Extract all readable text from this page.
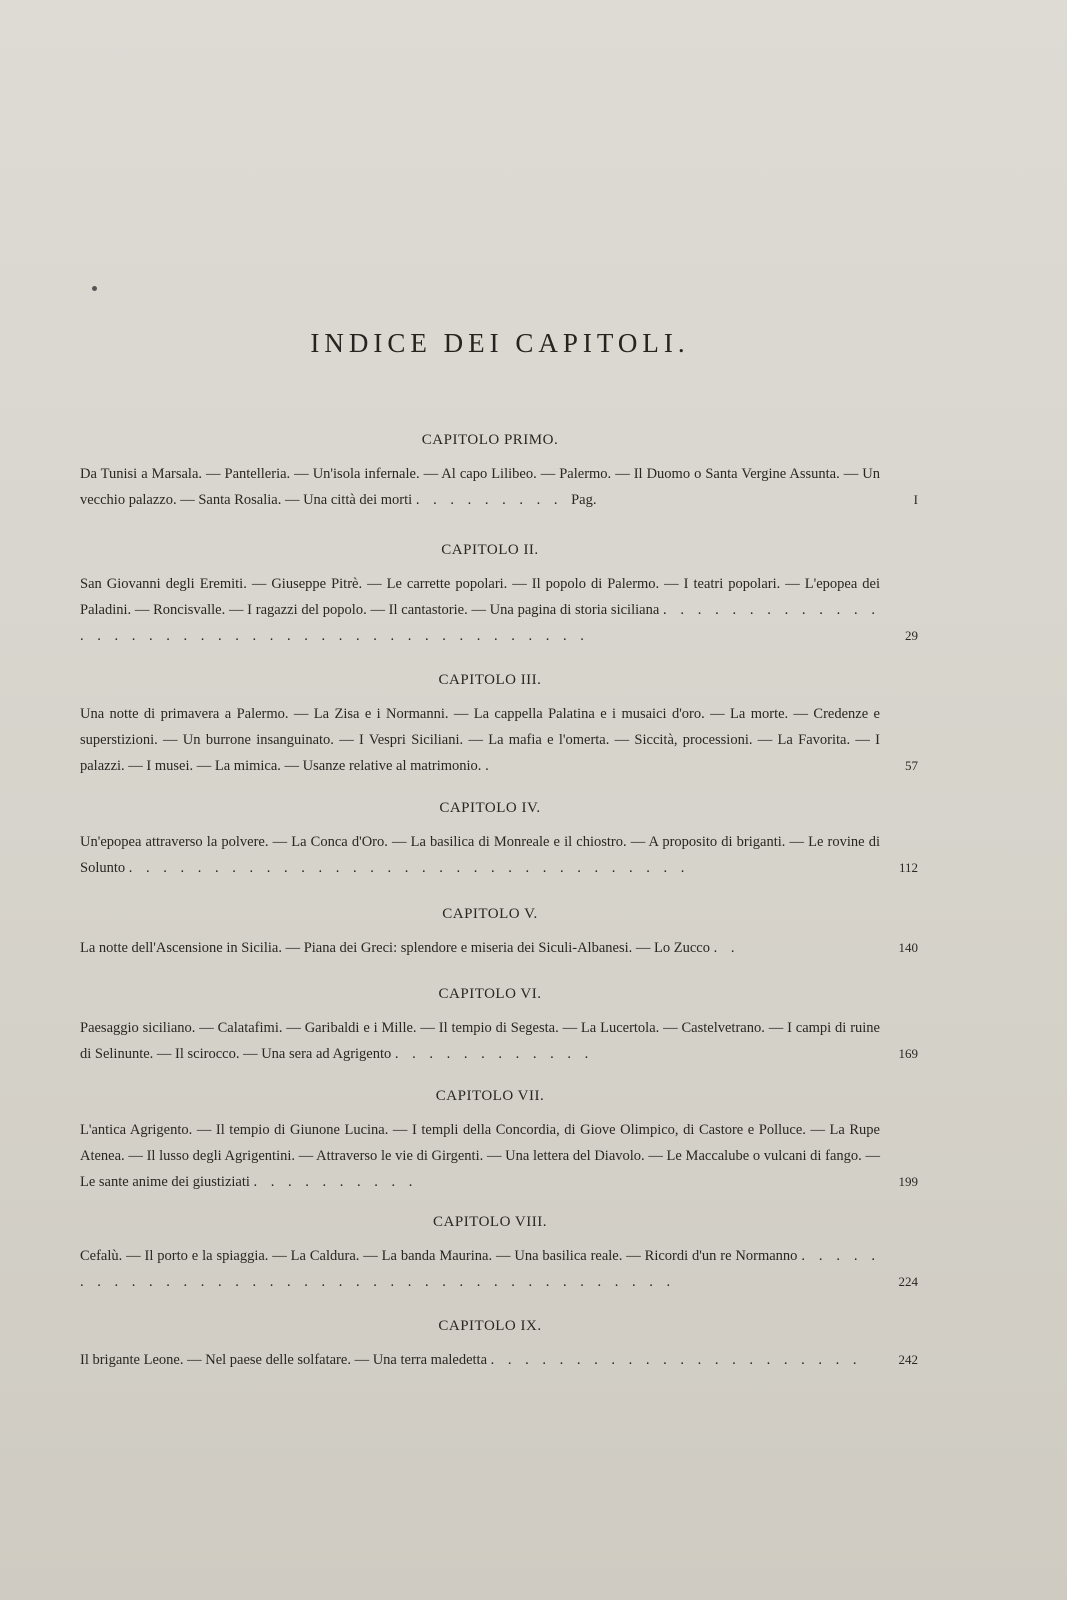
INDICE DEI CAPITOLI.
CAPITOLO PRIMO.
Da Tunisi a Marsala. — Pantelleria. — Un'isola infernale. — Al capo Lilibeo. — Palermo. — Il Duomo o Santa Vergine Assunta. — Un vecchio palazzo. — Santa Rosalia. — Una città dei morti . . . . . . . . . Pag.	I
CAPITOLO II.
San Giovanni degli Eremiti. — Giuseppe Pitrè. — Le carrette popolari. — Il popolo di Palermo. — I teatri popolari. — L'epopea dei Paladini. — Roncisvalle. — I ragazzi del popolo. — Il cantastorie. — Una pagina di storia siciliana . . . . . . . . . . . . . . . . . . . . . . . . . . . . . . . . . . . . . . . . . . .	29
CAPITOLO III.
Una notte di primavera a Palermo. — La Zisa e i Normanni. — La cappella Palatina e i musaici d'oro. — La morte. — Credenze e superstizioni. — Un burrone insanguinato. — I Vespri Siciliani. — La mafia e l'omerta. — Siccità, processioni. — La Favorita. — I palazzi. — I musei. — La mimica. — Usanze relative al matrimonio. .	57
CAPITOLO IV.
Un'epopea attraverso la polvere. — La Conca d'Oro. — La basilica di Monreale e il chiostro. — A proposito di briganti. — Le rovine di Solunto . . . . . . . . . . . . . . . . . . . . . . . . . . . . . . . . .	112
CAPITOLO V.
La notte dell'Ascensione in Sicilia. — Piana dei Greci: splendore e miseria dei Siculi-Albanesi. — Lo Zucco . .	140
CAPITOLO VI.
Paesaggio siciliano. — Calatafimi. — Garibaldi e i Mille. — Il tempio di Segesta. — La Lucertola. — Castelvetrano. — I campi di ruine di Selinunte. — Il scirocco. — Una sera ad Agrigento . . . . . . . . . . . .	169
CAPITOLO VII.
L'antica Agrigento. — Il tempio di Giunone Lucina. — I templi della Concordia, di Giove Olimpico, di Castore e Polluce. — La Rupe Atenea. — Il lusso degli Agrigentini. — Attraverso le vie di Girgenti. — Una lettera del Diavolo. — Le Maccalube o vulcani di fango. — Le sante anime dei giustiziati . . . . . . . . . .	199
CAPITOLO VIII.
Cefalù. — Il porto e la spiaggia. — La Caldura. — La banda Maurina. — Una basilica reale. — Ricordi d'un re Normanno . . . . . . . . . . . . . . . . . . . . . . . . . . . . . . . . . . . . . . . .	224
CAPITOLO IX.
Il brigante Leone. — Nel paese delle solfatare. — Una terra maledetta . . . . . . . . . . . . . . . . . . . . . .	242
